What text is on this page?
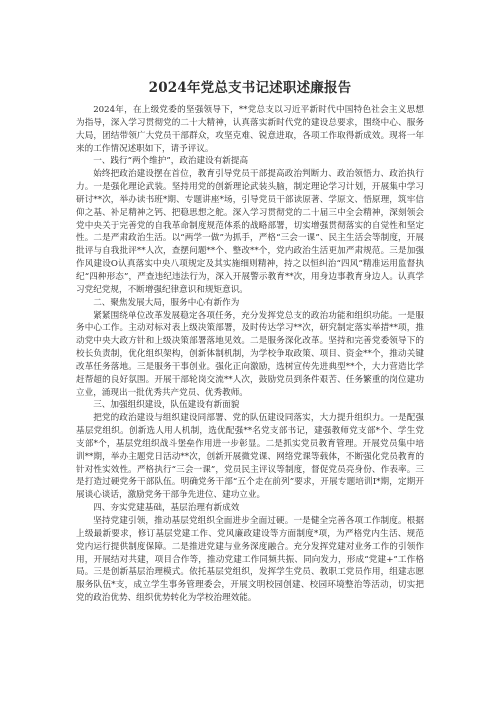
2024年党总支书记述职述廉报告

2024年，在上级党委的坚强领导下，**党总支以习近平新时代中国特色社会主义思想为指导，深入学习贯彻党的二十大精神，认真落实新时代党的建设总要求，围绕中心、服务大局，团结带领广大党员干部群众，攻坚克难、锐意进取，各项工作取得新成效。现将一年来的工作情况述职如下，请予评议。

一、践行“两个维护”，政治建设有新提高

始终把政治建设摆在首位，教育引导党员干部提高政治判断力、政治领悟力、政治执行力。一是强化理论武装。坚持用党的创新理论武装头脑，制定理论学习计划，开展集中学习研讨**次，举办读书班*期、专题讲座*场，引导党员干部读原著、学原文、悟原理，筑牢信仰之基、补足精神之钙、把稳思想之舵。深入学习贯彻党的二十届三中全会精神，深刻领会党中央关于完善党的自我革命制度规范体系的战略部署，切实增强贯彻落实的自觉性和坚定性。二是严肃政治生活。以“两学一做”为抓手，严格“三会一课”、民主生活会等制度，开展批评与自我批评**人次，查摆问题**个、整改**个，党内政治生活更加严肃规范。三是加强作风建设O认真落实中央八项规定及其实施细则精神，持之以恒纠治“四风”精准运用监督执纪“四种形态”，严查违纪违法行为，深入开展警示教育**次，用身边事教育身边人。认真学习党纪党规，不断增强纪律意识和规矩意识。

二、聚焦发展大局，服务中心有新作为

紧紧围绕单位改革发展稳定各项任务，充分发挥党总支的政治功能和组织功能。一是服务中心工作。主动对标对表上级决策部署，及时传达学习**次，研究制定落实举措**项，推动党中央大政方针和上级决策部署落地见效。二是服务深化改革。坚持和完善党委领导下的校长负责制，优化组织架构，创新体制机制，为学校争取政策、项目、资金**个，推动关键改革任务落地。三是服务干事创业。强化正向激励，选树宣传先进典型**个，大力营造比学赶帮超的良好氛围。开展干部轮岗交流**人次，鼓励党员到条件艰苦、任务繁重的岗位建功立业，涌现出一批优秀共产党员、优秀教师。

三、加强组织建设，队伍建设有新面貌

把党的政治建设与组织建设同部署、党的队伍建设同落实，大力提升组织力。一是配强基层党组织。创新选人用人机制，选优配强**名党支部书记，建强教师党支部*个、学生党支部*个，基层党组织战斗堡垒作用进一步彰显。二是抓实党员教育管理。开展党员集中培训**期，举办主题党日活动**次，创新开展微党课、网络党课等载体，不断强化党员教育的针对性实效性。严格执行“三会一课”，党员民主评议等制度，督促党员亮身份、作表率。三是打造过硬党务干部队伍。明确党务干部“五个走在前列”要求，开展专题培训I*期，定期开展谈心谈话，激励党务干部争先进位、建功立业。

四、夯实党建基础，基层治理有新成效

坚持党建引领，推动基层党组织全面进步全面过硬。一是健全完善各项工作制度。根据上级最新要求，修订基层党建工作、党风廉政建设等方面制度*项，为严格党内生活、规范党内运行提供制度保障。二是推进党建与业务深度融合。充分发挥党建对业务工作的引领作用，开展结对共建，项目合作等，推动党建工作同频共振、同向发力，形成“党建+”工作格局。三是创新基层治理模式。依托基层党组织，发挥学生党员、教职工党员作用，组建志愿服务队伍*支，成立学生事务管理委会，开展文明校园创建、校园环境整治等活动，切实把党的政治优势、组织优势转化为学校治理效能。
